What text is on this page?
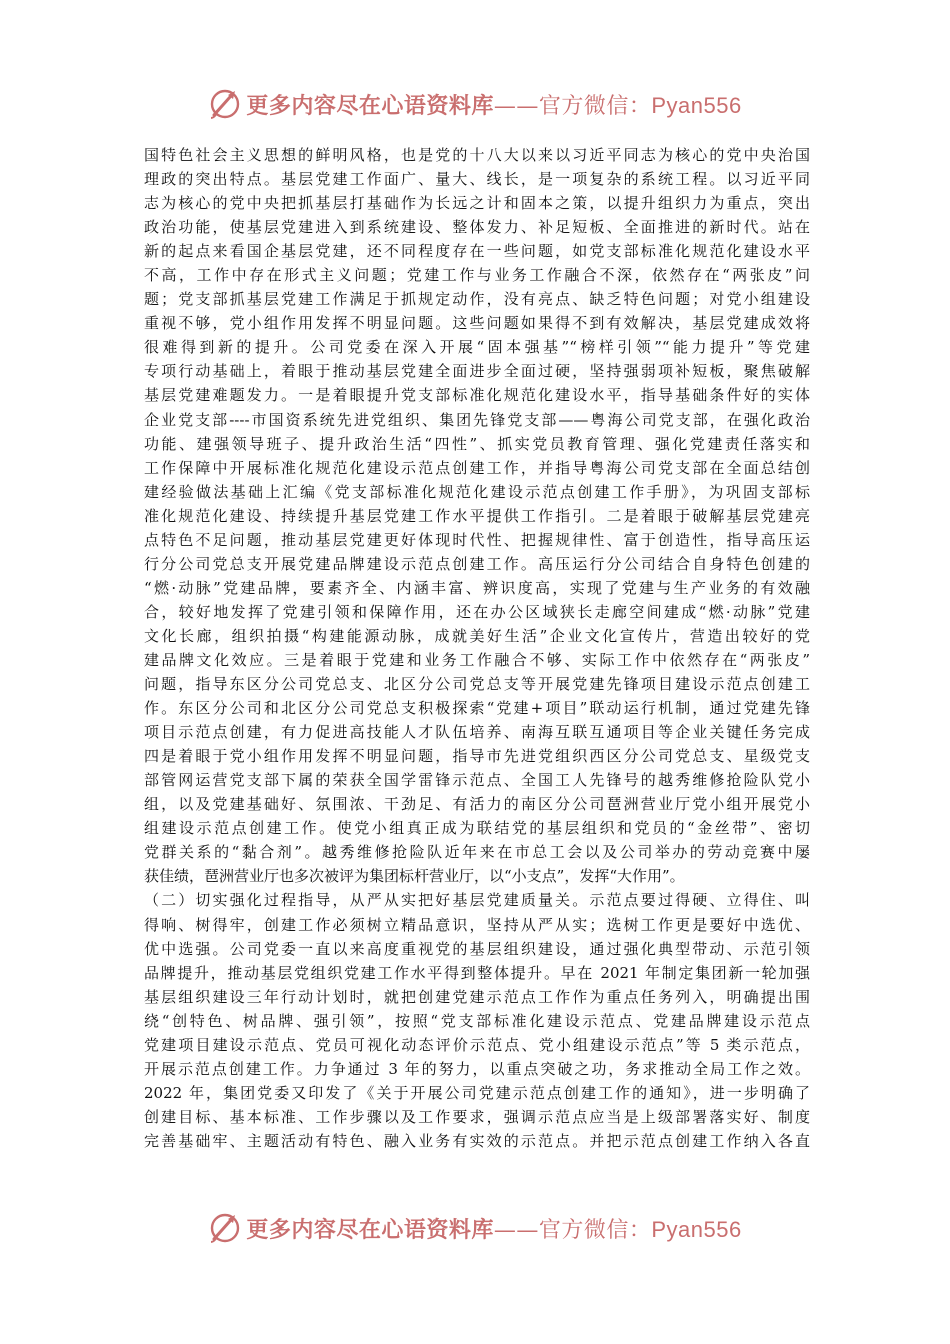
更多内容尽在心语资料库——官方微信：Pyan556
国特色社会主义思想的鲜明风格，也是党的十八大以来以习近平同志为核心的党中央治国
理政的突出特点。基层党建工作面广、量大、线长，是一项复杂的系统工程。以习近平同
志为核心的党中央把抓基层打基础作为长远之计和固本之策，以提升组织力为重点，突出
政治功能，使基层党建进入到系统建设、整体发力、补足短板、全面推进的新时代。站在
新的起点来看国企基层党建，还不同程度存在一些问题，如党支部标准化规范化建设水平
不高，工作中存在形式主义问题；党建工作与业务工作融合不深，依然存在“两张皮”问
题；党支部抓基层党建工作满足于抓规定动作，没有亮点、缺乏特色问题；对党小组建设
重视不够，党小组作用发挥不明显问题。这些问题如果得不到有效解决，基层党建成效将
很难得到新的提升。公司党委在深入开展“固本强基”“榜样引领”“能力提升”等党建
专项行动基础上，着眼于推动基层党建全面进步全面过硬，坚持强弱项补短板，聚焦破解
基层党建难题发力。一是着眼提升党支部标准化规范化建设水平，指导基础条件好的实体
企业党支部----市国资系统先进党组织、集团先锋党支部——粤海公司党支部，在强化政治
功能、建强领导班子、提升政治生活“四性”、抓实党员教育管理、强化党建责任落实和
工作保障中开展标准化规范化建设示范点创建工作，并指导粤海公司党支部在全面总结创
建经验做法基础上汇编《党支部标准化规范化建设示范点创建工作手册》，为巩固支部标
准化规范化建设、持续提升基层党建工作水平提供工作指引。二是着眼于破解基层党建亮
点特色不足问题，推动基层党建更好体现时代性、把握规律性、富于创造性，指导高压运
行分公司党总支开展党建品牌建设示范点创建工作。高压运行分公司结合自身特色创建的
“燃·动脉”党建品牌，要素齐全、内涵丰富、辨识度高，实现了党建与生产业务的有效融
合，较好地发挥了党建引领和保障作用，还在办公区域狭长走廊空间建成“燃·动脉”党建
文化长廊，组织拍摄“构建能源动脉，成就美好生活”企业文化宣传片，营造出较好的党
建品牌文化效应。三是着眼于党建和业务工作融合不够、实际工作中依然存在“两张皮”
问题，指导东区分公司党总支、北区分公司党总支等开展党建先锋项目建设示范点创建工
作。东区分公司和北区分公司党总支积极探索“党建+项目”联动运行机制，通过党建先锋
项目示范点创建，有力促进高技能人才队伍培养、南海互联互通项目等企业关键任务完成
四是着眼于党小组作用发挥不明显问题，指导市先进党组织西区分公司党总支、星级党支
部管网运营党支部下属的荣获全国学雷锋示范点、全国工人先锋号的越秀维修抢险队党小
组，以及党建基础好、氛围浓、干劲足、有活力的南区分公司琶洲营业厅党小组开展党小
组建设示范点创建工作。使党小组真正成为联结党的基层组织和党员的“金丝带”、密切
党群关系的“黏合剂”。越秀维修抢险队近年来在市总工会以及公司举办的劳动竞赛中屡
获佳绩，琶洲营业厅也多次被评为集团标杆营业厅，以“小支点”，发挥“大作用”。
（二）切实强化过程指导，从严从实把好基层党建质量关。示范点要过得硬、立得住、叫
得响、树得牢，创建工作必须树立精品意识，坚持从严从实；选树工作更是要好中选优、
优中选强。公司党委一直以来高度重视党的基层组织建设，通过强化典型带动、示范引领
品牌提升，推动基层党组织党建工作水平得到整体提升。早在 2021 年制定集团新一轮加强
基层组织建设三年行动计划时，就把创建党建示范点工作作为重点任务列入，明确提出围
绕“创特色、树品牌、强引领”，按照“党支部标准化建设示范点、党建品牌建设示范点
党建项目建设示范点、党员可视化动态评价示范点、党小组建设示范点”等 5 类示范点，
开展示范点创建工作。力争通过 3 年的努力，以重点突破之功，务求推动全局工作之效。
2022 年，集团党委又印发了《关于开展公司党建示范点创建工作的通知》，进一步明确了
创建目标、基本标准、工作步骤以及工作要求，强调示范点应当是上级部署落实好、制度
完善基础牢、主题活动有特色、融入业务有实效的示范点。并把示范点创建工作纳入各直
更多内容尽在心语资料库——官方微信：Pyan556
